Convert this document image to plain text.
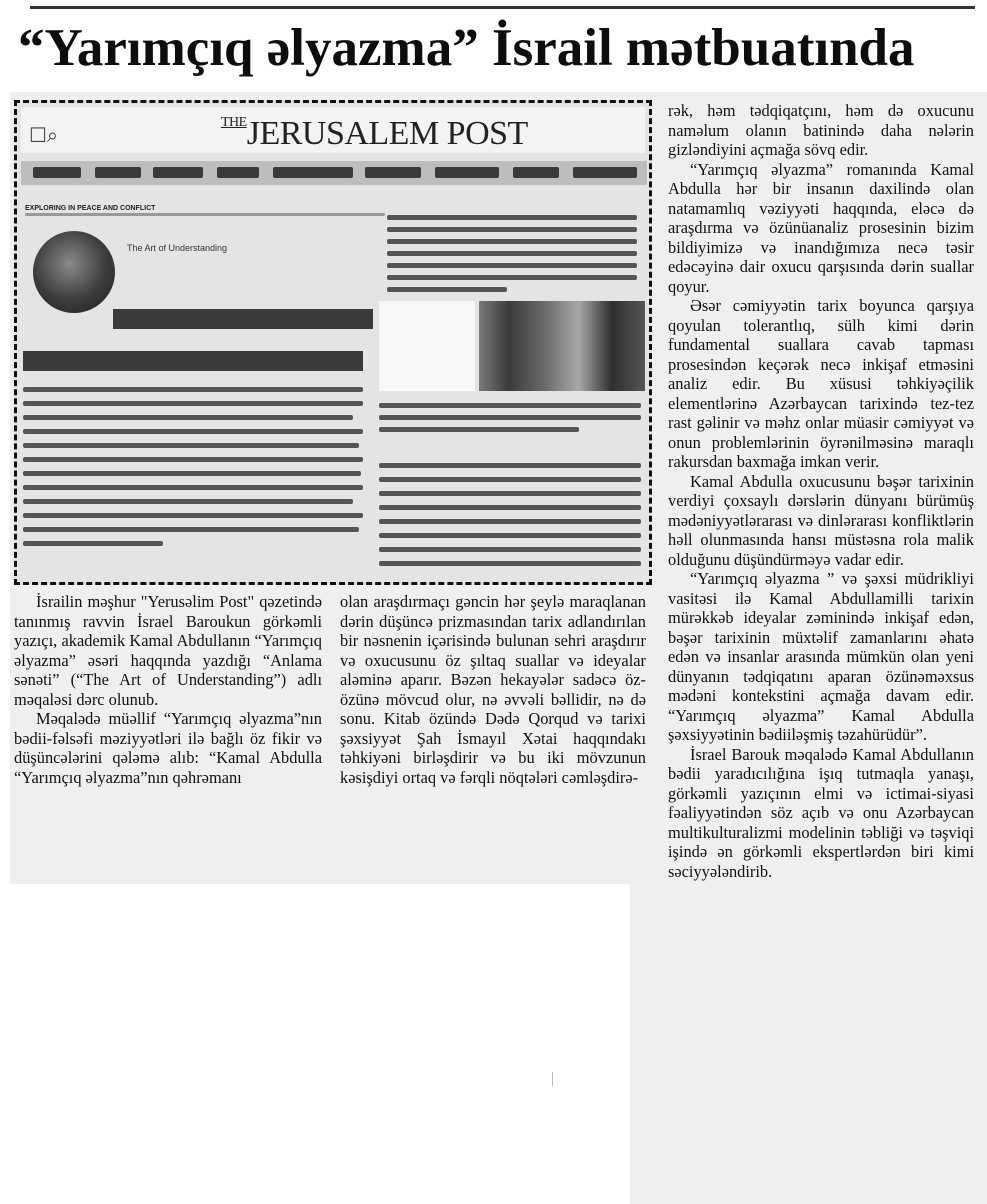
“Yarımçıq əlyazma” İsrail mətbuatında
☐⌕
$^{THE}$JERUSALEM POST
EXPLORING IN PEACE AND CONFLICT
The Art of Understanding

İsrailin məşhur "Yerusəlim Post" qəzetində tanınmış ravvin İsrael Baroukun görkəmli yazıçı, akademik Kamal Abdullanın “Yarımçıq əlyazma” əsəri haqqında yazdığı “Anlama sənəti” (“The Art of Understanding”) adlı məqaləsi dərc olunub.

Məqalədə müəllif “Yarımçıq əlyazma”nın bədii-fəlsəfi məziyyətləri ilə bağlı öz fikir və düşüncələrini qələmə alıb: “Kamal Abdulla “Yarımçıq əlyazma”nın qəhrəmanı

olan araşdırmaçı gəncin hər şeylə maraqlanan dərin düşüncə prizmasından tarix adlandırılan bir nəsnenin içərisində bulunan sehri araşdırır və oxucusunu öz şıltaq suallar və ideyalar aləminə aparır. Bəzən hekayələr sadəcə öz-özünə mövcud olur, nə əvvəli bəllidir, nə də sonu. Kitab özündə Dədə Qorqud və tarixi şəxsiyyət Şah İsmayıl Xətai haqqındakı təhkiyəni birləşdirir və bu iki mövzunun kəsişdiyi ortaq və fərqli nöqtələri cəmləşdirə-

rək, həm tədqiqatçını, həm də oxucunu naməlum olanın batinində daha nələrin gizləndiyini açmağa sövq edir.

“Yarımçıq əlyazma” romanında Kamal Abdulla hər bir insanın daxilində olan natamamlıq vəziyyəti haqqında, eləcə də araşdırma və özünüanaliz prosesinin bizim bildiyimizə və inandığımıza necə təsir edəcəyinə dair oxucu qarşısında dərin suallar qoyur.

Əsər cəmiyyətin tarix boyunca qarşıya qoyulan tolerantlıq, sülh kimi dərin fundamental suallara cavab tapması prosesindən keçərək necə inkişaf etməsini analiz edir. Bu xüsusi təhkiyəçilik elementlərinə Azərbaycan tarixində tez-tez rast gəlinir və məhz onlar müasir cəmiyyət və onun problemlərinin öyrənilməsinə maraqlı rakursdan baxmağa imkan verir.

Kamal Abdulla oxucusunu bəşər tarixinin verdiyi çoxsaylı dərslərin dünyanı bürümüş mədəniyyətlərarası və dinlərarası konfliktlərin həll olunmasında hansı müstəsna rola malik olduğunu düşündürməyə vadar edir.

“Yarımçıq əlyazma ” və şəxsi müdrikliyi vasitəsi ilə Kamal Abdullamilli tarixin mürəkkəb ideyalar zəminində inkişaf edən, bəşər tarixinin müxtəlif zamanlarını əhatə edən və insanlar arasında mümkün olan yeni dünyanın tədqiqatını aparan özünəməxsus mədəni kontekstini açmağa davam edir. “Yarımçıq əlyazma” Kamal Abdulla şəxsiyyətinin bədiiləşmiş təzahürüdür”.

İsrael Barouk məqalədə Kamal Abdullanın bədii yaradıcılığına işıq tutmaqla yanaşı, görkəmli yazıçının elmi və ictimai-siyasi fəaliyyətindən söz açıb və onu Azərbaycan multikulturalizmi modelinin təbliği və təşviqi işində ən görkəmli ekspertlərdən biri kimi səciyyələndirib.
